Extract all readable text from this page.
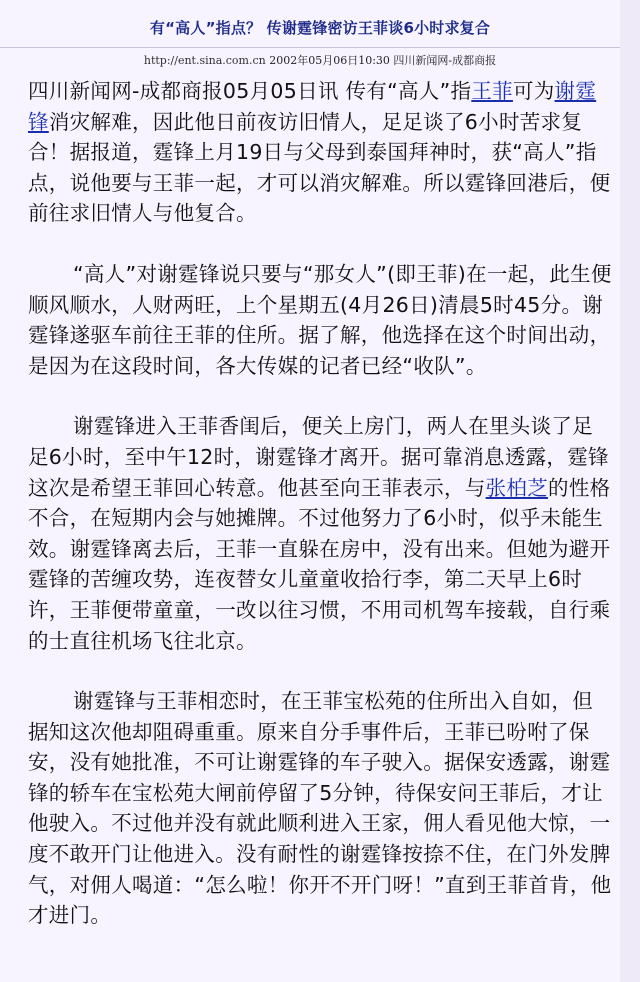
有“高人”指点？ 传谢霆锋密访王菲谈6小时求复合
http://ent.sina.com.cn 2002年05月06日10:30 四川新闻网-成都商报

四川新闻网-成都商报05月05日讯 传有“高人”指王菲可为谢霆锋消灾解难，因此他日前夜访旧情人，足足谈了6小时苦求复合！据报道，霆锋上月19日与父母到泰国拜神时，获“高人”指点，说他要与王菲一起，才可以消灾解难。所以霆锋回港后，便前往求旧情人与他复合。

“高人”对谢霆锋说只要与“那女人”(即王菲)在一起，此生便顺风顺水，人财两旺，上个星期五(4月26日)清晨5时45分。谢霆锋遂驱车前往王菲的住所。据了解，他选择在这个时间出动，是因为在这段时间，各大传媒的记者已经“收队”。

谢霆锋进入王菲香闺后，便关上房门，两人在里头谈了足足6小时，至中午12时，谢霆锋才离开。据可靠消息透露，霆锋这次是希望王菲回心转意。他甚至向王菲表示，与张柏芝的性格不合，在短期内会与她摊牌。不过他努力了6小时，似乎未能生效。谢霆锋离去后，王菲一直躲在房中，没有出来。但她为避开霆锋的苦缠攻势，连夜替女儿童童收拾行李，第二天早上6时许，王菲便带童童，一改以往习惯，不用司机驾车接载，自行乘的士直往机场飞往北京。

谢霆锋与王菲相恋时，在王菲宝松苑的住所出入自如，但据知这次他却阻碍重重。原来自分手事件后，王菲已吩咐了保安，没有她批准，不可让谢霆锋的车子驶入。据保安透露，谢霆锋的轿车在宝松苑大闸前停留了5分钟，待保安问王菲后，才让他驶入。不过他并没有就此顺利进入王家，佣人看见他大惊，一度不敢开门让他进入。没有耐性的谢霆锋按捺不住，在门外发脾气，对佣人喝道：“怎么啦！你开不开门呀！”直到王菲首肯，他才进门。
